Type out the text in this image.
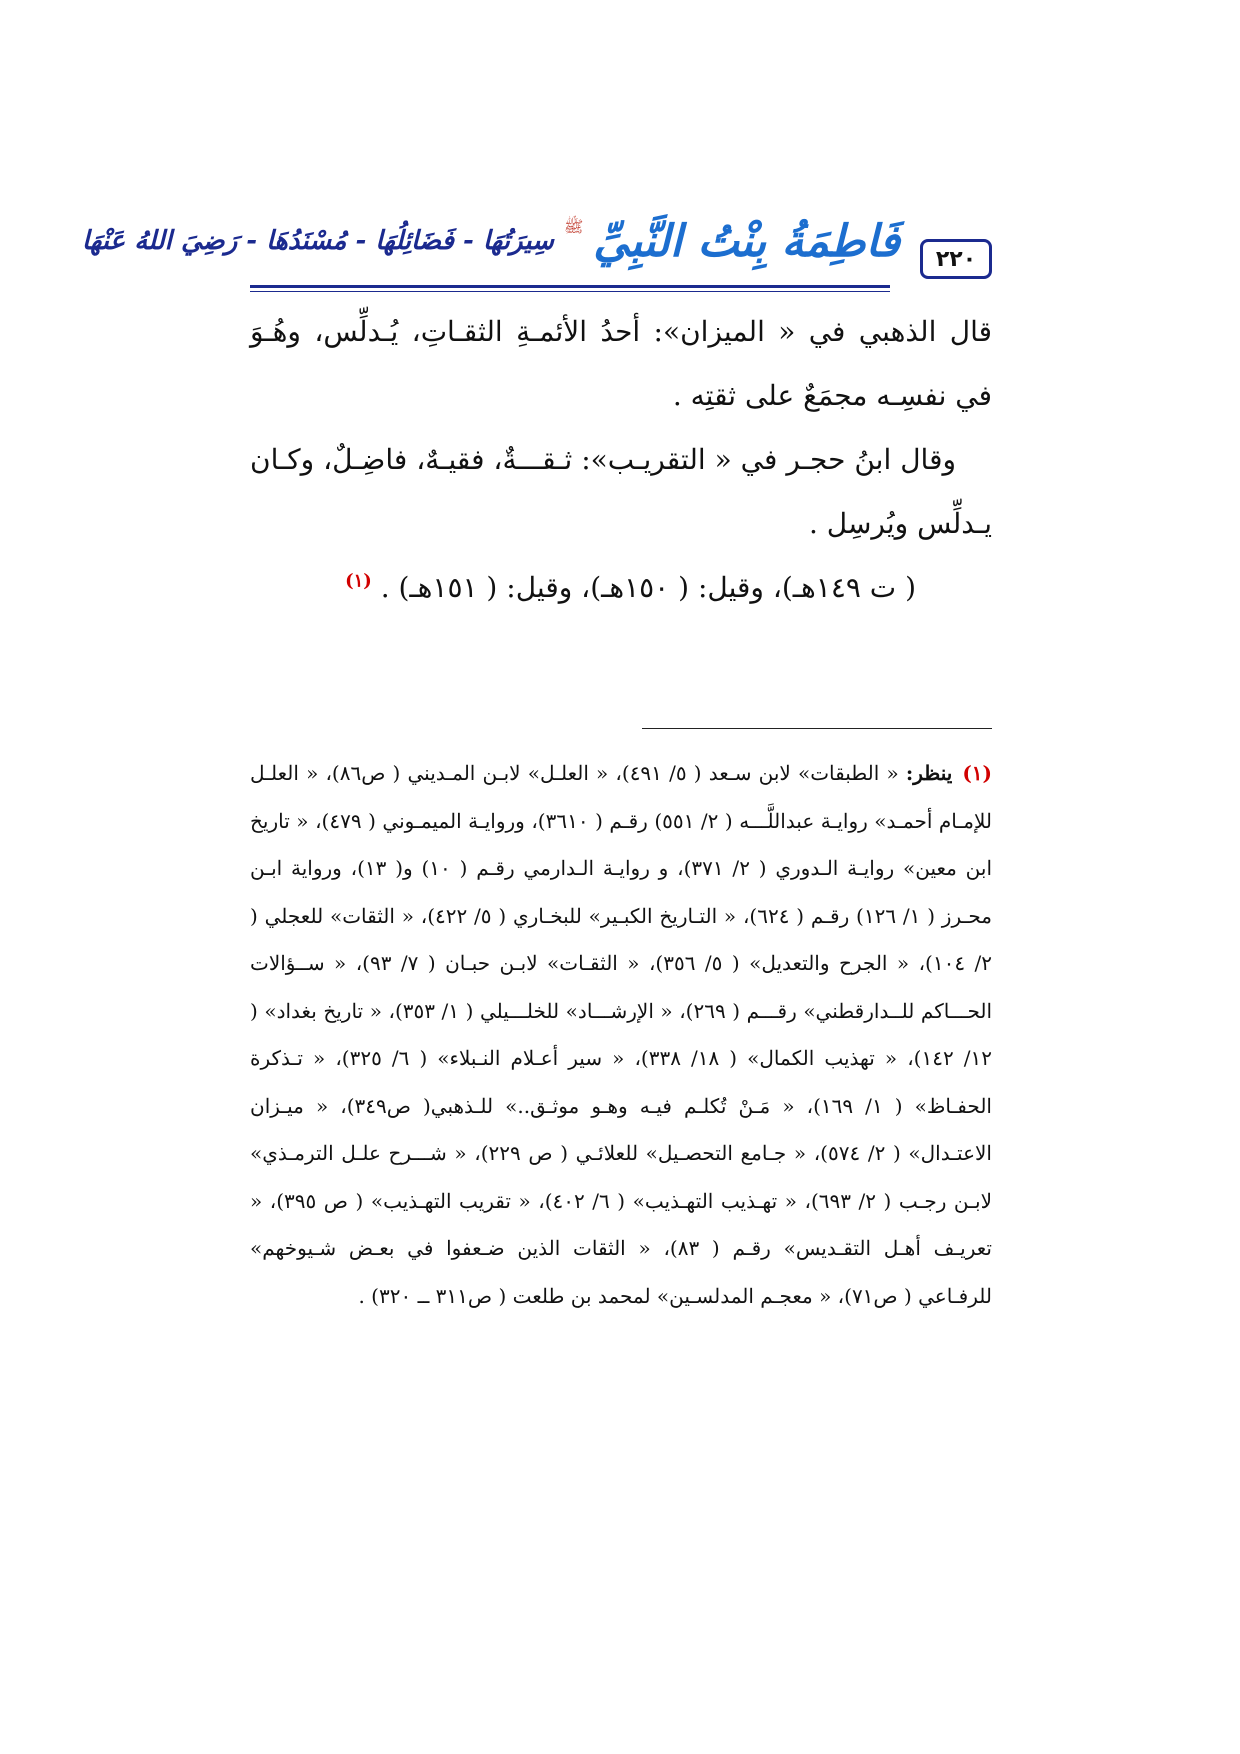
٢٢٠
فَاطِمَةُ بِنْتُ النَّبِيِّ
ﷺ
سِيرَتُهَا - فَضَائِلُهَا - مُسْنَدُهَا - رَضِيَ اللهُ عَنْهَا

قال الذهبي في « الميزان»: أحدُ الأئمـةِ الثقـاتِ، يُـدلِّس، وهُـوَ في نفسِـه مجمَعٌ على ثقتِه .

وقال ابنُ حجـر في « التقريـب»: ثـقـــةٌ، فقيـهٌ، فاضِـلٌ، وكـان يـدلِّس ويُرسِل .

( ت ١٤٩هـ)، وقيل: ( ١٥٠هـ)، وقيل: ( ١٥١هـ) . $^{(١)}$

(١)ينظر: « الطبقات» لابن سـعد ( ٥/ ٤٩١)، « العلـل» لابـن المـديني ( ص٨٦)، « العلـل للإمـام أحمـد» روايـة عبداللَّـــه ( ٢/ ٥٥١) رقـم ( ٣٦١٠)، وروايـة الميمـوني ( ٤٧٩)، « تاريخ ابن معين» روايـة الـدوري ( ٢/ ٣٧١)، و روايـة الـدارمي رقـم ( ١٠) و( ١٣)، ورواية ابـن محـرز ( ١/ ١٢٦) رقـم ( ٦٢٤)، « التـاريخ الكبـير» للبخـاري ( ٥/ ٤٢٢)، « الثقات» للعجلي ( ٢/ ١٠٤)، « الجرح والتعديل» ( ٥/ ٣٥٦)، « الثقـات» لابـن حبـان ( ٧/ ٩٣)، « ســؤالات الحـــاكم للــدارقطني» رقـــم ( ٢٦٩)، « الإرشـــاد» للخلـــيلي ( ١/ ٣٥٣)، « تاريخ بغداد» ( ١٢/ ١٤٢)، « تهذيب الكمال» ( ١٨/ ٣٣٨)، « سير أعـلام النـبلاء» ( ٦/ ٣٢٥)، « تـذكرة الحفـاظ» ( ١/ ١٦٩)، « مَـنْ تُكلـم فيـه وهـو موثـق..» للـذهبي( ص٣٤٩)، « ميـزان الاعتـدال» ( ٢/ ٥٧٤)، « جـامع التحصـيل» للعلائـي ( ص ٢٢٩)، « شـــرح علـل الترمـذي» لابـن رجـب ( ٢/ ٦٩٣)، « تهـذيب التهـذيب» ( ٦/ ٤٠٢)، « تقريب التهـذيب» ( ص ٣٩٥)، « تعريـف أهـل التقـديس» رقـم ( ٨٣)، « الثقات الذين ضـعفوا في بعـض شـيوخهم» للرفـاعي ( ص٧١)، « معجـم المدلسـين» لمحمد بن طلعت ( ص٣١١ ــ ٣٢٠) .
